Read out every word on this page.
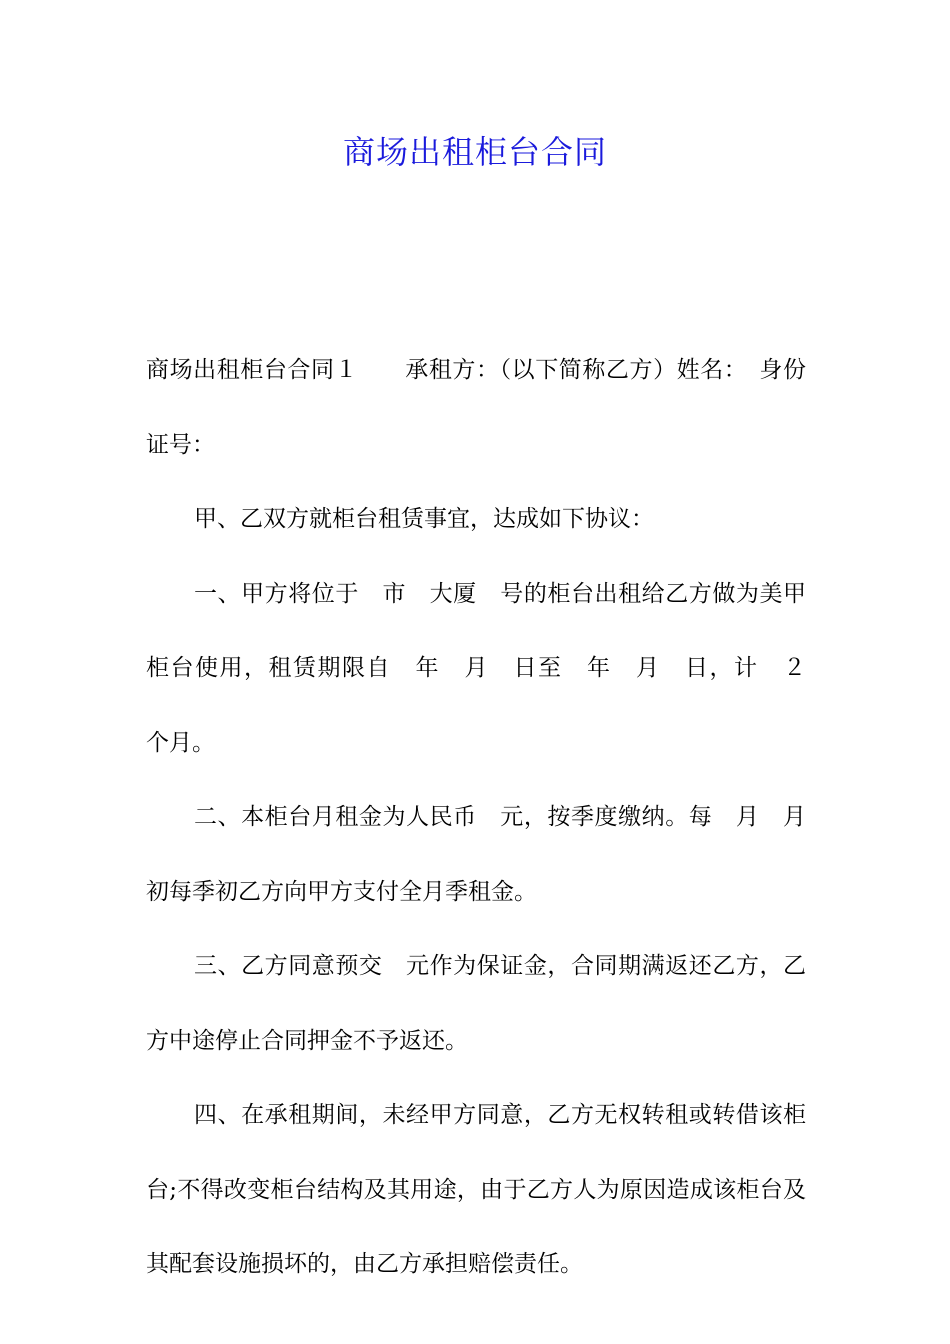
商场出租柜台合同

商场出租柜台合同１　　承租方：（以下简称乙方）姓名：　身份证号：

甲、乙双方就柜台租赁事宜，达成如下协议：

一、甲方将位于　市　大厦　号的柜台出租给乙方做为美甲柜台使用，租赁期限自　年　月　日至　年　月　日，计　２　个月。

二、本柜台月租金为人民币　元，按季度缴纳。每　月　月初每季初乙方向甲方支付全月季租金。

三、乙方同意预交　元作为保证金，合同期满返还乙方，乙方中途停止合同押金不予返还。

四、在承租期间，未经甲方同意，乙方无权转租或转借该柜台;不得改变柜台结构及其用途，由于乙方人为原因造成该柜台及其配套设施损坏的，由乙方承担赔偿责任。
